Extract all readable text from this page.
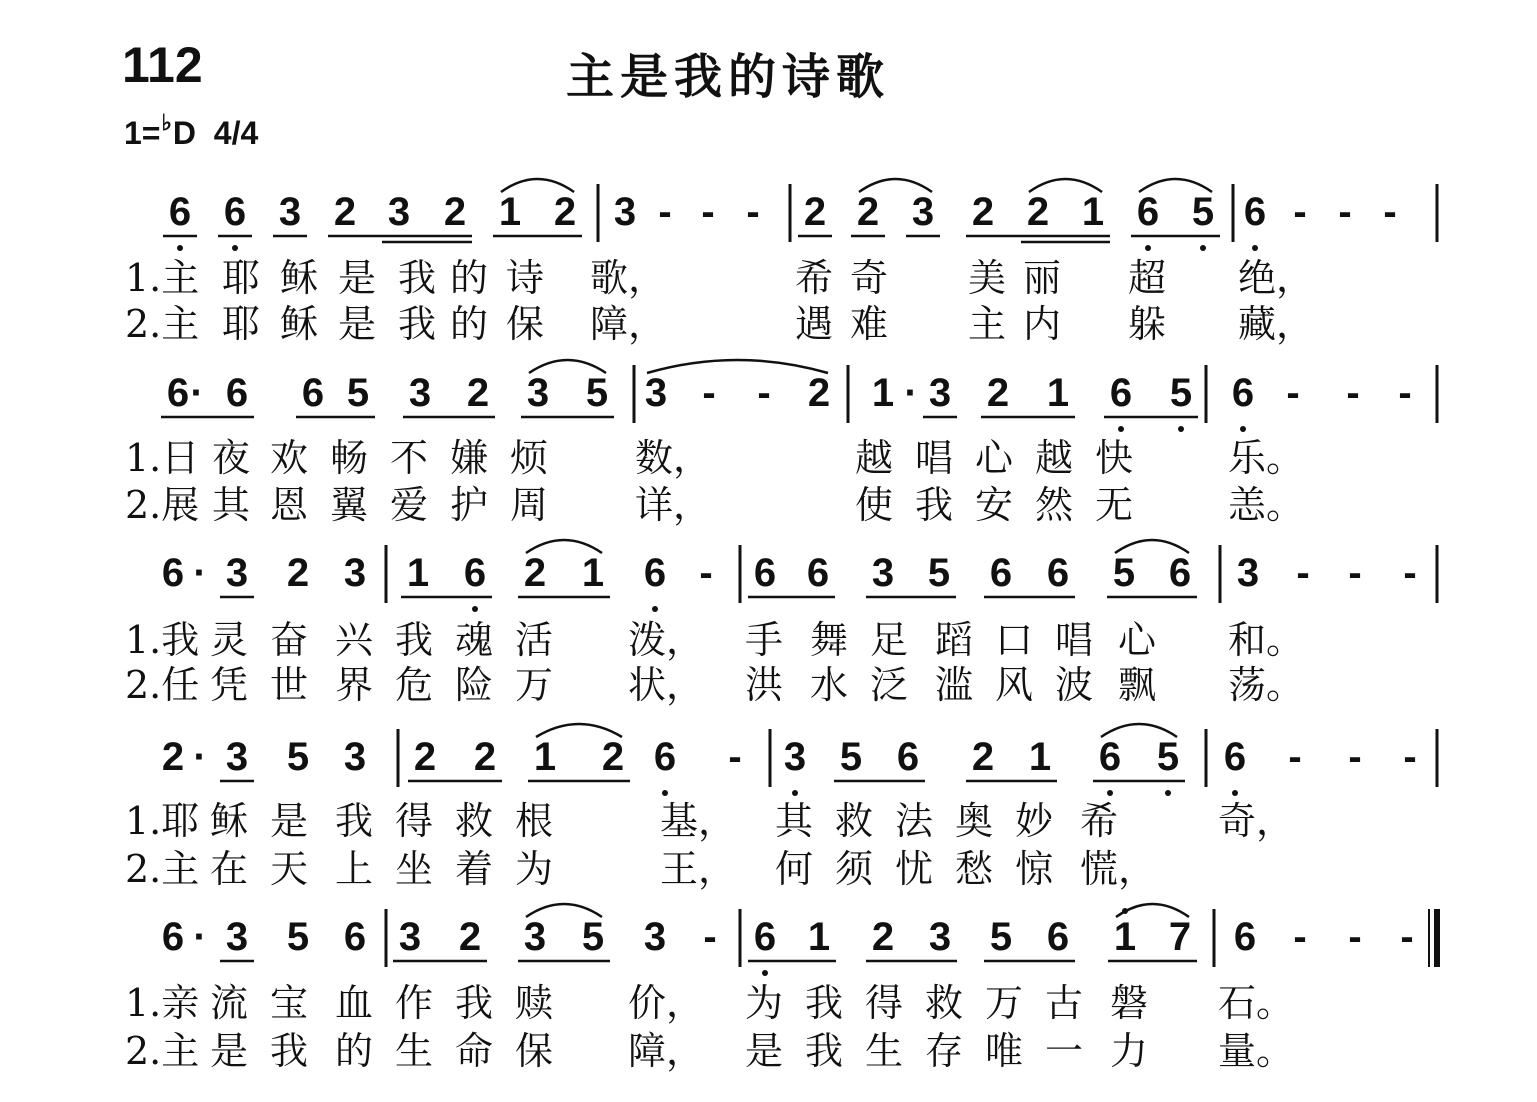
112	主是我的诗歌
1=♭D 4/4
6 6 3 2 3 2 1 2 3 - - - 2 2 3 2 2 1 6 5 6 - - -
1.主 耶 稣 是 我 的 诗 歌，	希 奇 美 丽 超 绝，
2.主 耶 稣 是 我 的 保 障，	遇 难 主 内 躲 藏，
6 · 6 6 5 3 2 3 5 3 - - 2 1 · 3 2 1 6 5 6 - - -
1.日 夜 欢 畅 不 嫌 烦 数，	越 唱 心 越 快 乐。
2.展 其 恩 翼 爱 护 周 详，	使 我 安 然 无 恙。
6 · 3 2 3 1 6 2 1 6 - 6 6 3 5 6 6 5 6 3 - - -
1.我 灵 奋 兴 我 魂 活 泼， 手 舞 足 蹈 口 唱 心 和。
2.任 凭 世 界 危 险 万 状， 洪 水 泛 滥 风 波 飘 荡。
2 · 3 5 3 2 2 1 2 6 - 3 5 6 2 1 6 5 6 - - -
1.耶 稣 是 我 得 救 根	基， 其 救 法 奥 妙 希	奇，
2.主 在 天 上 坐 着 为	王， 何 须 忧 愁 惊 慌，
6 · 3 5 6 3 2 3 5 3 - 6 1 2 3 5 6 1 7 6 - - -
1.亲 流 宝 血 作 我 赎 价， 为 我 得 救 万 古 磐 石。
2.主 是 我 的 生 命 保 障， 是 我 生 存 唯 一 力 量。
